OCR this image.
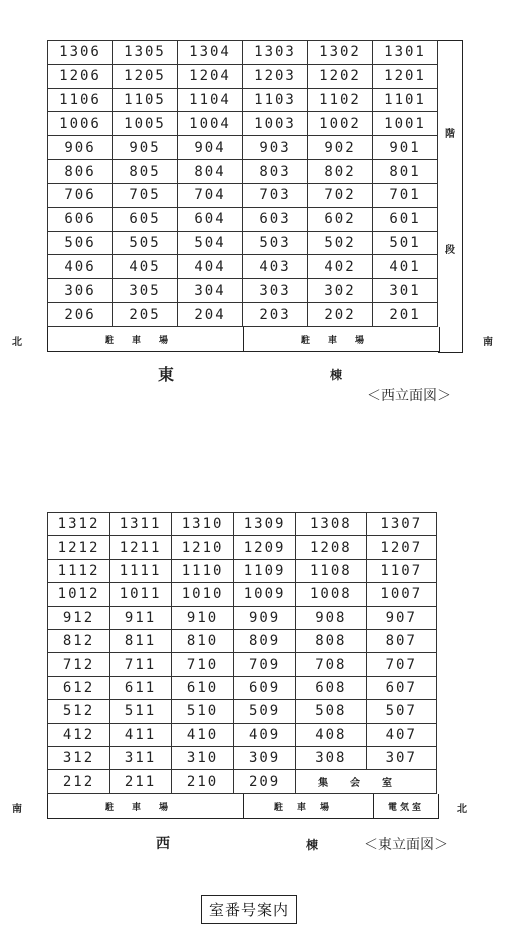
1306	1305	1304	1303	1302	1301
1206	1205	1204	1203	1202	1201
1106	1105	1104	1103	1102	1101
1006	1005	1004	1003	1002	1001
906	905	904	903	902	901
806	805	804	803	802	801
706	705	704	703	702	701
606	605	604	603	602	601
506	505	504	503	502	501
406	405	404	403	402	401
306	305	304	303	302	301
206	205	204	203	202	201
階
段
駐車場	駐車場
北	南
東	棟
＜西立面図＞
1312	1311	1310	1309	1308	1307
1212	1211	1210	1209	1208	1207
1112	1111	1110	1109	1108	1107
1012	1011	1010	1009	1008	1007
912	911	910	909	908	907
812	811	810	809	808	807
712	711	710	709	708	707
612	611	610	609	608	607
512	511	510	509	508	507
412	411	410	409	408	407
312	311	310	309	308	307
212	211	210	209	集会室	
駐車場	駐車場	電気室
南	北
西	棟	＜東立面図＞
室番号案内
